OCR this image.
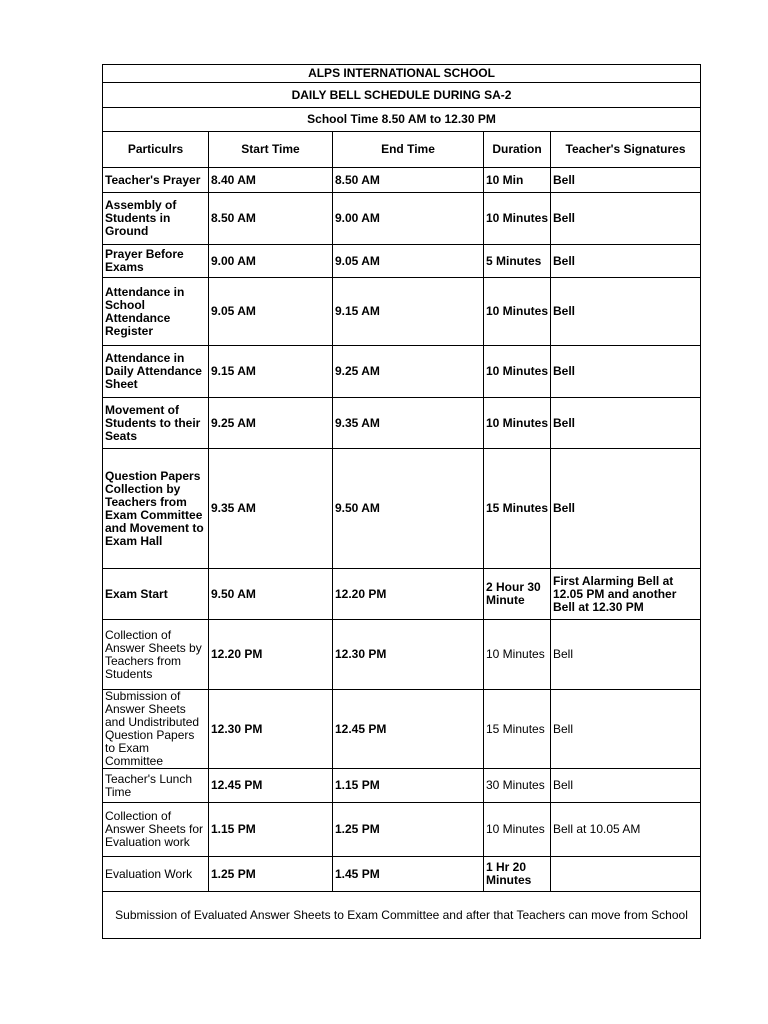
ALPS INTERNATIONAL SCHOOL				
DAILY BELL SCHEDULE DURING SA-2				
School Time 8.50 AM to 12.30 PM				
Particulrs	Start Time	End Time	Duration	Teacher's Signatures
Teacher's Prayer	8.40 AM	8.50 AM	10 Min	Bell
Assembly of Students in Ground	8.50 AM	9.00 AM	10 Minutes	Bell
Prayer Before Exams	9.00 AM	9.05 AM	5 Minutes	Bell
Attendance in School Attendance Register	9.05 AM	9.15 AM	10 Minutes	Bell
Attendance in Daily Attendance Sheet	9.15 AM	9.25 AM	10 Minutes	Bell
Movement of Students to their Seats	9.25 AM	9.35 AM	10 Minutes	Bell
Question Papers Collection by Teachers from Exam Committee and Movement to Exam Hall	9.35 AM	9.50 AM	15 Minutes	Bell
Exam Start	9.50 AM	12.20 PM	2 Hour 30 Minute	First Alarming Bell at 12.05 PM and another Bell at 12.30 PM
Collection of Answer Sheets by Teachers from Students	12.20 PM	12.30 PM	10 Minutes	Bell
Submission of Answer Sheets and Undistributed Question Papers to Exam Committee	12.30 PM	12.45 PM	15 Minutes	Bell
Teacher's Lunch Time	12.45 PM	1.15 PM	30 Minutes	Bell
Collection of Answer Sheets for Evaluation work	1.15 PM	1.25 PM	10 Minutes	Bell at 10.05 AM
Evaluation Work	1.25 PM	1.45 PM	1 Hr 20 Minutes	
Submission of Evaluated Answer Sheets to Exam Committee and after that Teachers can move from School				
